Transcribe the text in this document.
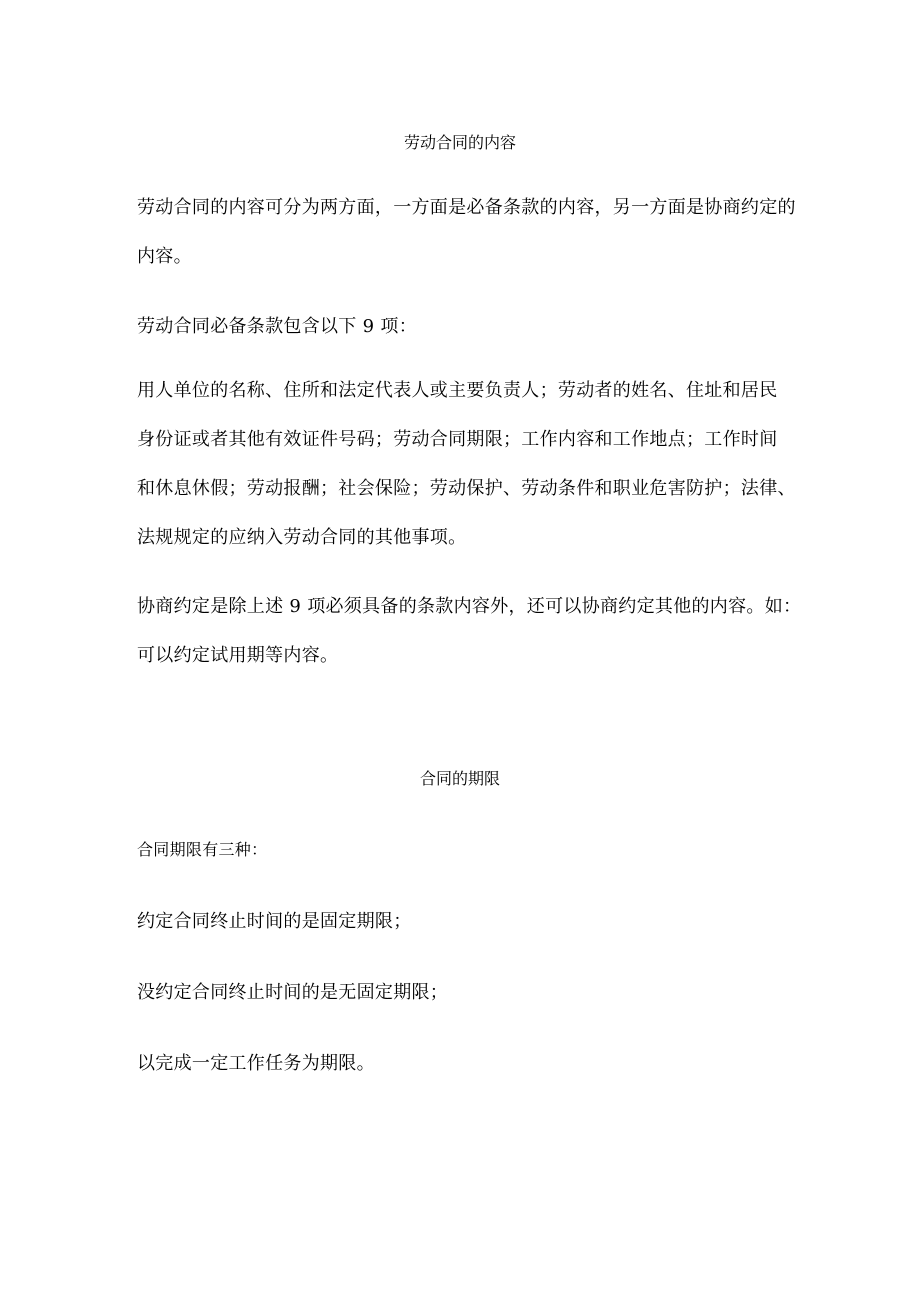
劳动合同的内容
劳动合同的内容可分为两方面，一方面是必备条款的内容，另一方面是协商约定的
内容。
劳动合同必备条款包含以下 9 项：
用人单位的名称、住所和法定代表人或主要负责人；劳动者的姓名、住址和居民
身份证或者其他有效证件号码；劳动合同期限；工作内容和工作地点；工作时间
和休息休假；劳动报酬；社会保险；劳动保护、劳动条件和职业危害防护；法律、
法规规定的应纳入劳动合同的其他事项。
协商约定是除上述 9 项必须具备的条款内容外，还可以协商约定其他的内容。如：
可以约定试用期等内容。
合同的期限
合同期限有三种：
约定合同终止时间的是固定期限；
没约定合同终止时间的是无固定期限；
以完成一定工作任务为期限。
